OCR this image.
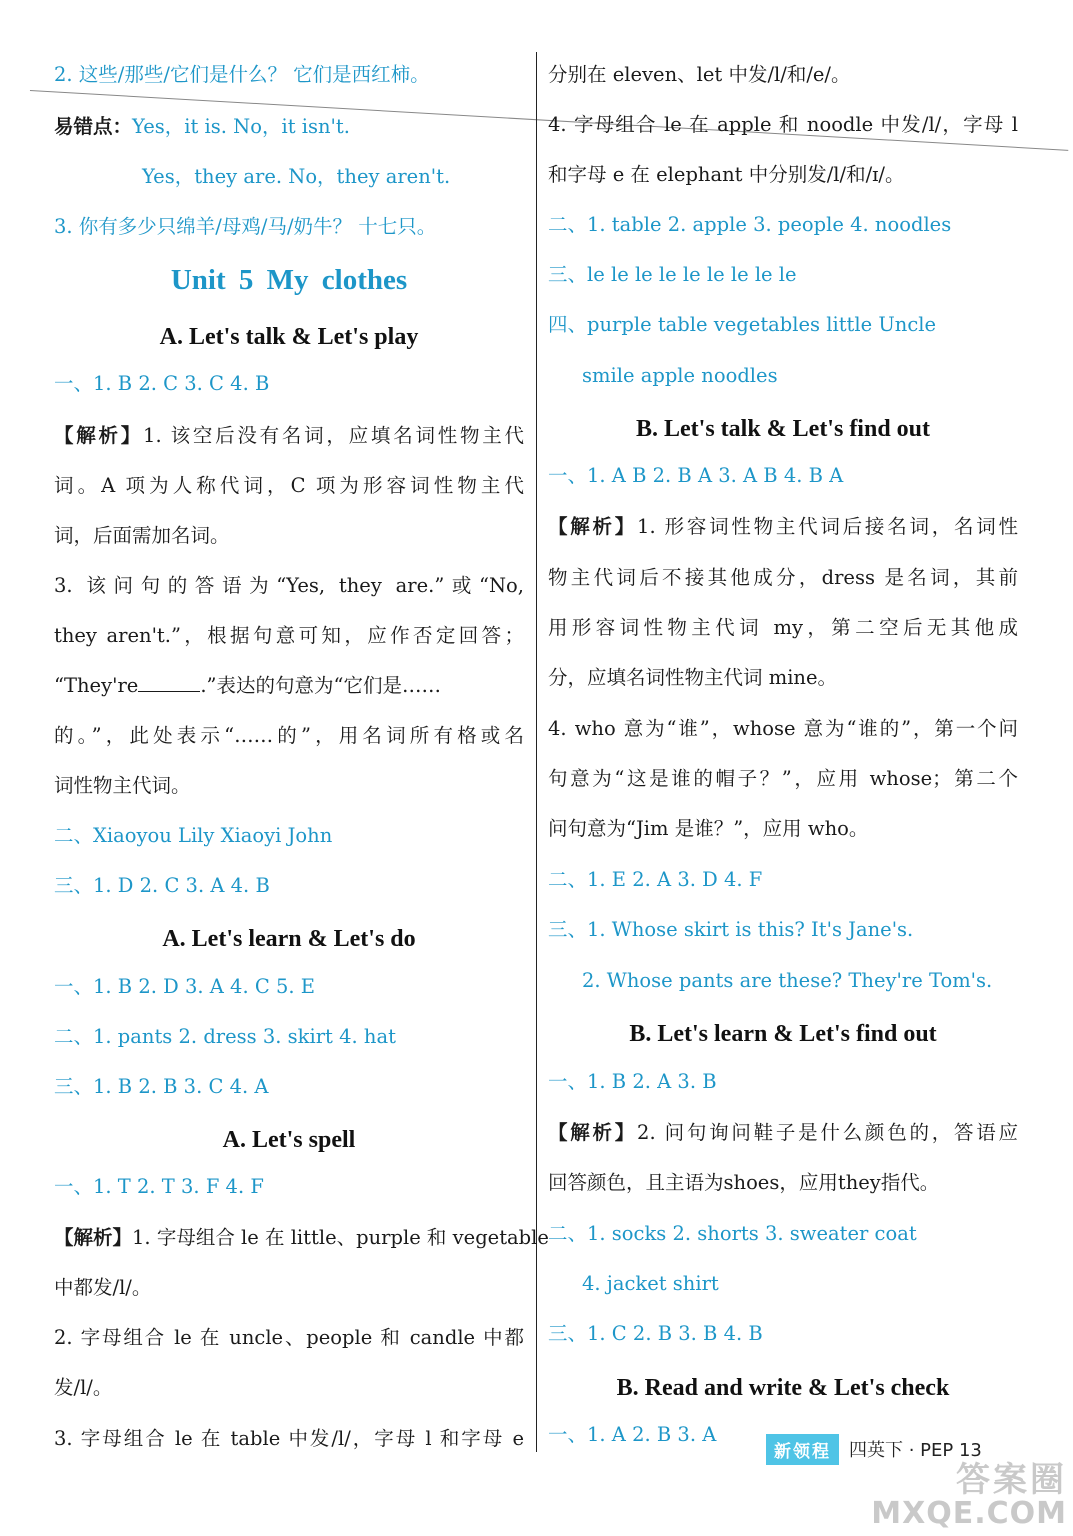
2. 这些/那些/它们是什么？ 它们是西红柿。
易错点：Yes，it is. No，it isn't.
Yes，they are. No，they aren't.
3. 你有多少只绵羊/母鸡/马/奶牛？ 十七只。
Unit 5 My clothes
A. Let's talk & Let's play
一、1. B 2. C 3. C 4. B
【解析】1. 该空后没有名词，应填名词性物主代
词。A 项为人称代词，C 项为形容词性物主代
词，后面需加名词。
3. 该问句的答语为“Yes, they are.”或“No,
they aren't.”，根据句意可知，应作否定回答；
“They're	.”表达的句意为“它们是……
的。”，此处表示“……的”，用名词所有格或名
词性物主代词。
二、Xiaoyou Lily Xiaoyi John
三、1. D 2. C 3. A 4. B
A. Let's learn & Let's do
一、1. B 2. D 3. A 4. C 5. E
二、1. pants 2. dress 3. skirt 4. hat
三、1. B 2. B 3. C 4. A
A. Let's spell
一、1. T 2. T 3. F 4. F
【解析】1. 字母组合 le 在 little、purple 和 vegetable
中都发/l/。
2. 字母组合 le 在 uncle、people 和 candle 中都
发/l/。
3. 字母组合 le 在 table 中发/l/，字母 l 和字母 e
分别在 eleven、let 中发/l/和/e/。
4. 字母组合 le 在 apple 和 noodle 中发/l/，字母 l
和字母 e 在 elephant 中分别发/l/和/ɪ/。
二、1. table 2. apple 3. people 4. noodles
三、le le le le le le le le le
四、purple table vegetables little Uncle
smile apple noodles
B. Let's talk & Let's find out
一、1. A B 2. B A 3. A B 4. B A
【解析】1. 形容词性物主代词后接名词，名词性
物主代词后不接其他成分，dress 是名词，其前
用形容词性物主代词 my，第二空后无其他成
分，应填名词性物主代词 mine。
4. who 意为“谁”，whose 意为“谁的”，第一个问
句意为“这是谁的帽子？”，应用 whose；第二个
问句意为“Jim 是谁？”，应用 who。
二、1. E 2. A 3. D 4. F
三、1. Whose skirt is this? It's Jane's.
2. Whose pants are these? They're Tom's.
B. Let's learn & Let's find out
一、1. B 2. A 3. B
【解析】2. 问句询问鞋子是什么颜色的，答语应
回答颜色，且主语为shoes，应用they指代。
二、1. socks 2. shorts 3. sweater coat
4. jacket shirt
三、1. C 2. B 3. B 4. B
B. Read and write & Let's check
一、1. A 2. B 3. A
新领程	四英下 · PEP 13
答案圈
MXQE.COM
